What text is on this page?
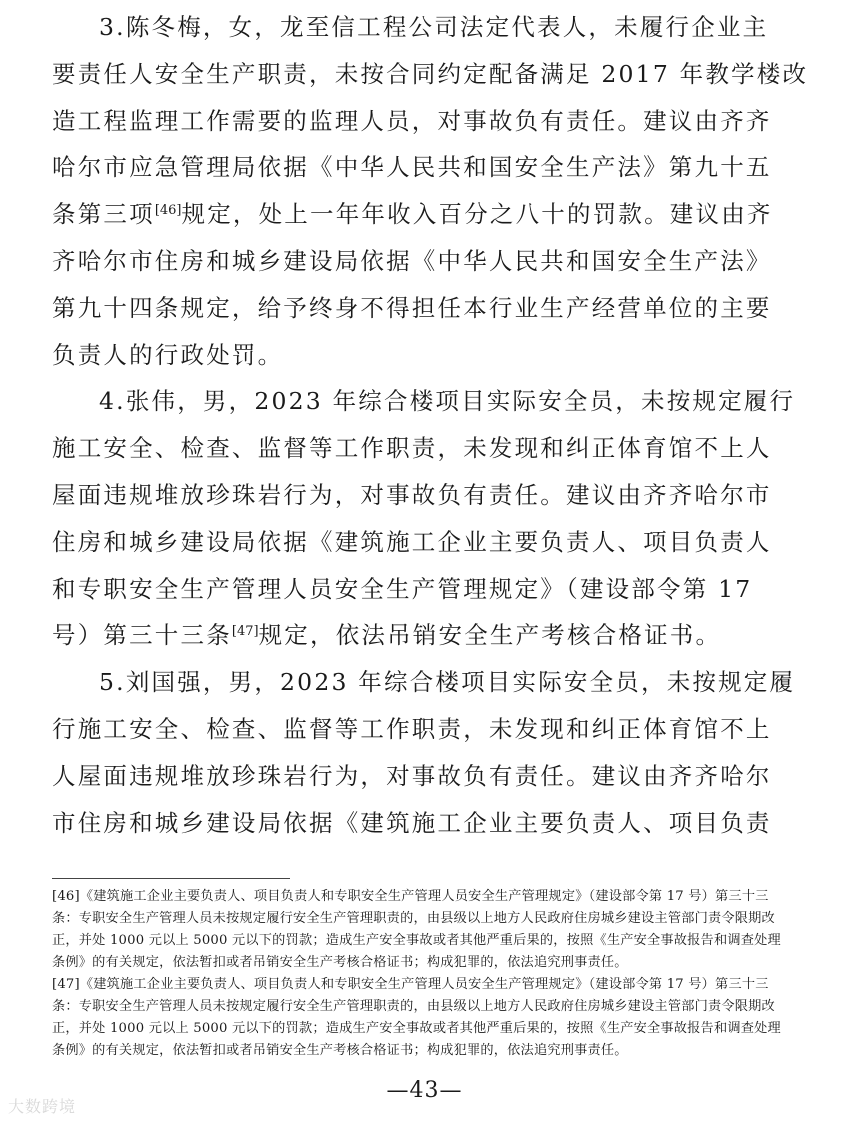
3.陈冬梅，女，龙至信工程公司法定代表人，未履行企业主
要责任人安全生产职责，未按合同约定配备满足 2017 年教学楼改
造工程监理工作需要的监理人员，对事故负有责任。建议由齐齐
哈尔市应急管理局依据《中华人民共和国安全生产法》第九十五
条第三项[46]规定，处上一年年收入百分之八十的罚款。建议由齐
齐哈尔市住房和城乡建设局依据《中华人民共和国安全生产法》
第九十四条规定，给予终身不得担任本行业生产经营单位的主要
负责人的行政处罚。

4.张伟，男，2023 年综合楼项目实际安全员，未按规定履行
施工安全、检查、监督等工作职责，未发现和纠正体育馆不上人
屋面违规堆放珍珠岩行为，对事故负有责任。建议由齐齐哈尔市
住房和城乡建设局依据《建筑施工企业主要负责人、项目负责人
和专职安全生产管理人员安全生产管理规定》（建设部令第 17
号）第三十三条[47]规定，依法吊销安全生产考核合格证书。

5.刘国强，男，2023 年综合楼项目实际安全员，未按规定履
行施工安全、检查、监督等工作职责，未发现和纠正体育馆不上
人屋面违规堆放珍珠岩行为，对事故负有责任。建议由齐齐哈尔
市住房和城乡建设局依据《建筑施工企业主要负责人、项目负责

[46]《建筑施工企业主要负责人、项目负责人和专职安全生产管理人员安全生产管理规定》（建设部令第 17 号）第三十三条：专职安全生产管理人员未按规定履行安全生产管理职责的，由县级以上地方人民政府住房城乡建设主管部门责令限期改正，并处 1000 元以上 5000 元以下的罚款；造成生产安全事故或者其他严重后果的，按照《生产安全事故报告和调查处理条例》的有关规定，依法暂扣或者吊销安全生产考核合格证书；构成犯罪的，依法追究刑事责任。

[47]《建筑施工企业主要负责人、项目负责人和专职安全生产管理人员安全生产管理规定》（建设部令第 17 号）第三十三条：专职安全生产管理人员未按规定履行安全生产管理职责的，由县级以上地方人民政府住房城乡建设主管部门责令限期改正，并处 1000 元以上 5000 元以下的罚款；造成生产安全事故或者其他严重后果的，按照《生产安全事故报告和调查处理条例》的有关规定，依法暂扣或者吊销安全生产考核合格证书；构成犯罪的，依法追究刑事责任。

—43—
大数跨境
